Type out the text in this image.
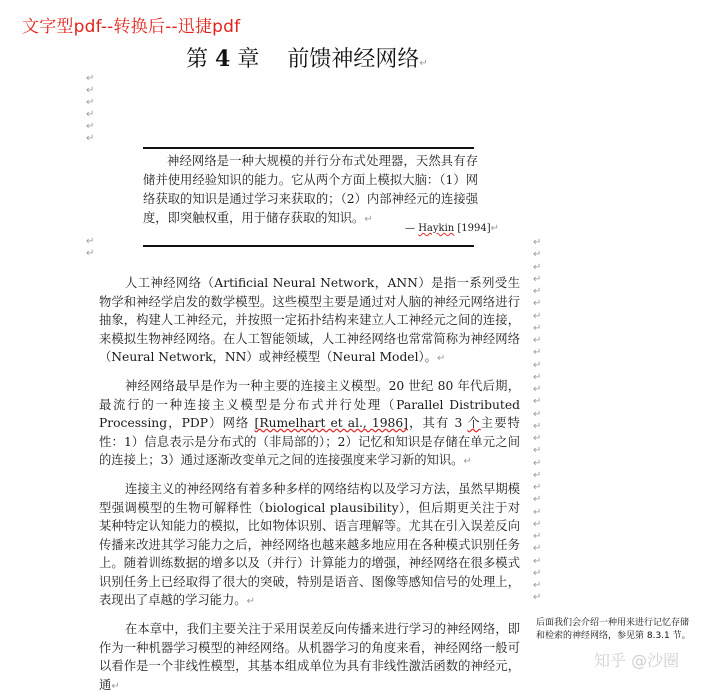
文字型pdf--转换后--迅捷pdf
第 4 章 前馈神经网络↵
↵
↵
↵
↵
↵
↵
↵
↵
神经网络是一种大规模的并行分布式处理器，天然具有存储并使用经验知识的能力。它从两个方面上模拟大脑：（1）网络获取的知识是通过学习来获取的；（2）内部神经元的连接强度，即突触权重，用于储存获取的知识。↵
— Haykin [1994]↵
人工神经网络（Artificial Neural Network，ANN）是指一系列受生物学和神经学启发的数学模型。这些模型主要是通过对人脑的神经元网络进行抽象，构建人工神经元，并按照一定拓扑结构来建立人工神经元之间的连接，来模拟生物神经网络。在人工智能领域，人工神经网络也常常简称为神经网络（Neural Network，NN）或神经模型（Neural Model）。↵
神经网络最早是作为一种主要的连接主义模型。20 世纪 80 年代后期，最流行的一种连接主义模型是分布式并行处理（Parallel Distributed Processing，PDP）网络 [Rumelhart et al., 1986]，其有 3 个主要特性：1）信息表示是分布式的（非局部的）；2）记忆和知识是存储在单元之间的连接上；3）通过逐渐改变单元之间的连接强度来学习新的知识。↵
连接主义的神经网络有着多种多样的网络结构以及学习方法，虽然早期模型强调模型的生物可解释性（biological plausibility），但后期更关注于对某种特定认知能力的模拟，比如物体识别、语言理解等。尤其在引入误差反向传播来改进其学习能力之后，神经网络也越来越多地应用在各种模式识别任务上。随着训练数据的增多以及（并行）计算能力的增强，神经网络在很多模式识别任务上已经取得了很大的突破，特别是语音、图像等感知信号的处理上，表现出了卓越的学习能力。↵
在本章中，我们主要关注于采用误差反向传播来进行学习的神经网络，即作为一种机器学习模型的神经网络。从机器学习的角度来看，神经网络一般可以看作是一个非线性模型，其基本组成单位为具有非线性激活函数的神经元，通↵
↵
↵
↵
↵
↵
↵
↵
↵
↵
↵
↵
↵
↵
↵
↵
↵
↵
↵
↵
↵
↵
↵
↵
↵
↵
↵
↵
↵
↵
↵
后面我们会介绍一种用来进行记忆存储和检索的神经网络，参见第 8.3.1 节。
知乎 @沙圈
